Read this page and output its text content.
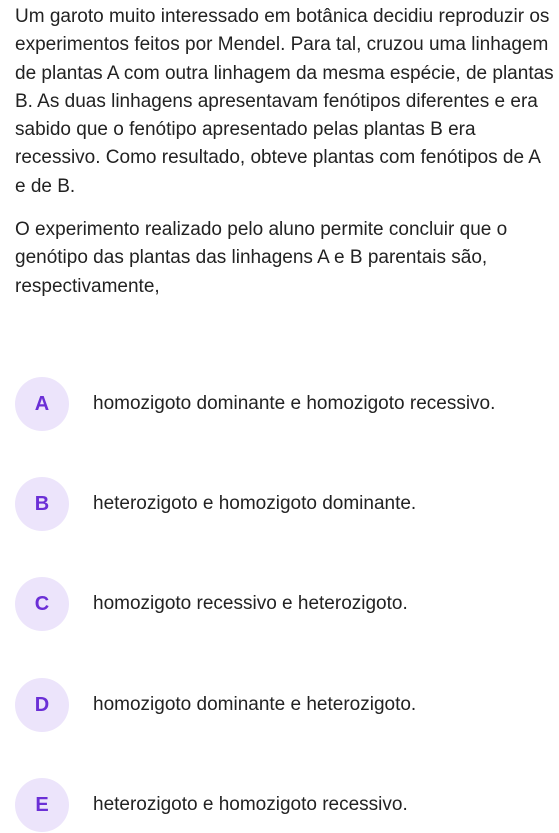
Um garoto muito interessado em botânica decidiu reproduzir os experimentos feitos por Mendel. Para tal, cruzou uma linhagem de plantas A com outra linhagem da mesma espécie, de plantas B. As duas linhagens apresentavam fenótipos diferentes e era sabido que o fenótipo apresentado pelas plantas B era recessivo. Como resultado, obteve plantas com fenótipos de A e de B.

O experimento realizado pelo aluno permite concluir que o genótipo das plantas das linhagens A e B parentais são, respectivamente,

A	homozigoto dominante e homozigoto recessivo.
B	heterozigoto e homozigoto dominante.
C	homozigoto recessivo e heterozigoto.
D	homozigoto dominante e heterozigoto.
E	heterozigoto e homozigoto recessivo.
